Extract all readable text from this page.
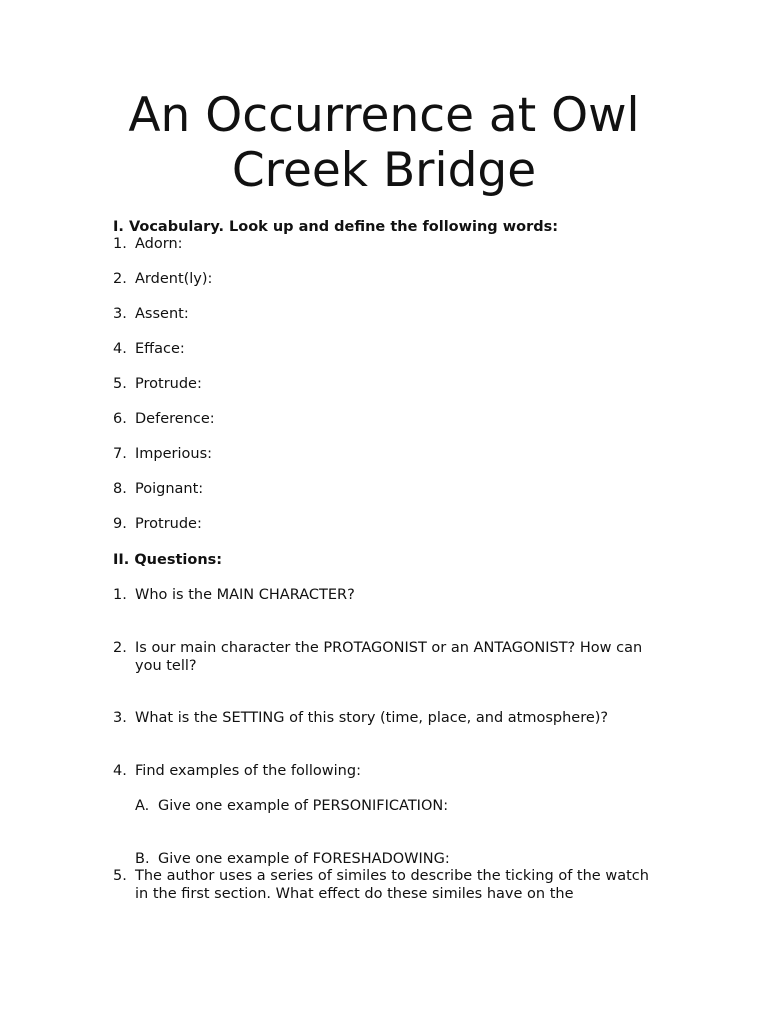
An Occurrence at Owl
Creek Bridge
I. Vocabulary. Look up and define the following words:
1. Adorn:
2. Ardent(ly):
3. Assent:
4. Efface:
5. Protrude:
6. Deference:
7. Imperious:
8. Poignant:
9. Protrude:
II. Questions:
1. Who is the MAIN CHARACTER?
2. Is our main character the PROTAGONIST or an ANTAGONIST? How can you tell?
3. What is the SETTING of this story (time, place, and atmosphere)?
4. Find examples of the following:
A. Give one example of PERSONIFICATION:
B. Give one example of FORESHADOWING:
5. The author uses a series of similes to describe the ticking of the watch in the first section. What effect do these similes have on the
